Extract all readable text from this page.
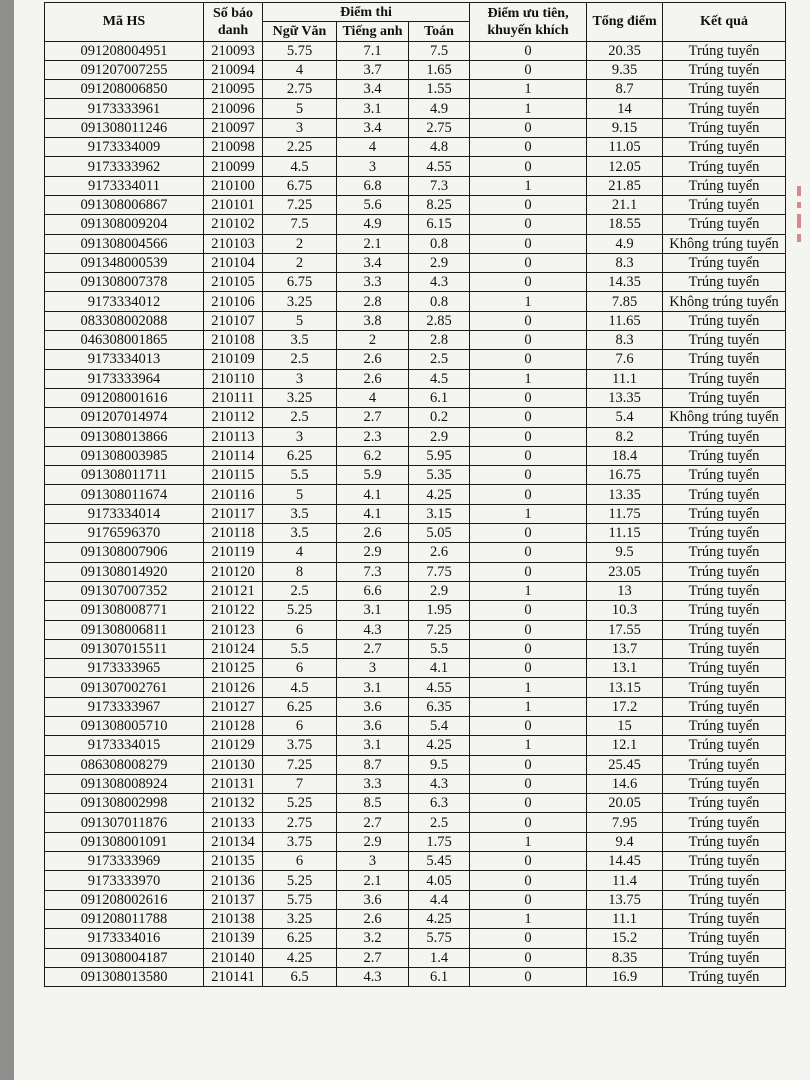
Mã HS	Số báo danh	Điểm thi			Điểm ưu tiên, khuyến khích	Tổng điểm	Kết quả
		Ngữ Văn	Tiếng anh	Toán			
091208004951	210093	5.75	7.1	7.5	0	20.35	Trúng tuyển
091207007255	210094	4	3.7	1.65	0	9.35	Trúng tuyển
091208006850	210095	2.75	3.4	1.55	1	8.7	Trúng tuyển
9173333961	210096	5	3.1	4.9	1	14	Trúng tuyển
091308011246	210097	3	3.4	2.75	0	9.15	Trúng tuyển
9173334009	210098	2.25	4	4.8	0	11.05	Trúng tuyển
9173333962	210099	4.5	3	4.55	0	12.05	Trúng tuyển
9173334011	210100	6.75	6.8	7.3	1	21.85	Trúng tuyển
091308006867	210101	7.25	5.6	8.25	0	21.1	Trúng tuyển
091308009204	210102	7.5	4.9	6.15	0	18.55	Trúng tuyển
091308004566	210103	2	2.1	0.8	0	4.9	Không trúng tuyển
091348000539	210104	2	3.4	2.9	0	8.3	Trúng tuyển
091308007378	210105	6.75	3.3	4.3	0	14.35	Trúng tuyển
9173334012	210106	3.25	2.8	0.8	1	7.85	Không trúng tuyển
083308002088	210107	5	3.8	2.85	0	11.65	Trúng tuyển
046308001865	210108	3.5	2	2.8	0	8.3	Trúng tuyển
9173334013	210109	2.5	2.6	2.5	0	7.6	Trúng tuyển
9173333964	210110	3	2.6	4.5	1	11.1	Trúng tuyển
091208001616	210111	3.25	4	6.1	0	13.35	Trúng tuyển
091207014974	210112	2.5	2.7	0.2	0	5.4	Không trúng tuyển
091308013866	210113	3	2.3	2.9	0	8.2	Trúng tuyển
091308003985	210114	6.25	6.2	5.95	0	18.4	Trúng tuyển
091308011711	210115	5.5	5.9	5.35	0	16.75	Trúng tuyển
091308011674	210116	5	4.1	4.25	0	13.35	Trúng tuyển
9173334014	210117	3.5	4.1	3.15	1	11.75	Trúng tuyển
9176596370	210118	3.5	2.6	5.05	0	11.15	Trúng tuyển
091308007906	210119	4	2.9	2.6	0	9.5	Trúng tuyển
091308014920	210120	8	7.3	7.75	0	23.05	Trúng tuyển
091307007352	210121	2.5	6.6	2.9	1	13	Trúng tuyển
091308008771	210122	5.25	3.1	1.95	0	10.3	Trúng tuyển
091308006811	210123	6	4.3	7.25	0	17.55	Trúng tuyển
091307015511	210124	5.5	2.7	5.5	0	13.7	Trúng tuyển
9173333965	210125	6	3	4.1	0	13.1	Trúng tuyển
091307002761	210126	4.5	3.1	4.55	1	13.15	Trúng tuyển
9173333967	210127	6.25	3.6	6.35	1	17.2	Trúng tuyển
091308005710	210128	6	3.6	5.4	0	15	Trúng tuyển
9173334015	210129	3.75	3.1	4.25	1	12.1	Trúng tuyển
086308008279	210130	7.25	8.7	9.5	0	25.45	Trúng tuyển
091308008924	210131	7	3.3	4.3	0	14.6	Trúng tuyển
091308002998	210132	5.25	8.5	6.3	0	20.05	Trúng tuyển
091307011876	210133	2.75	2.7	2.5	0	7.95	Trúng tuyển
091308001091	210134	3.75	2.9	1.75	1	9.4	Trúng tuyển
9173333969	210135	6	3	5.45	0	14.45	Trúng tuyển
9173333970	210136	5.25	2.1	4.05	0	11.4	Trúng tuyển
091208002616	210137	5.75	3.6	4.4	0	13.75	Trúng tuyển
091208011788	210138	3.25	2.6	4.25	1	11.1	Trúng tuyển
9173334016	210139	6.25	3.2	5.75	0	15.2	Trúng tuyển
091308004187	210140	4.25	2.7	1.4	0	8.35	Trúng tuyển
091308013580	210141	6.5	4.3	6.1	0	16.9	Trúng tuyển
